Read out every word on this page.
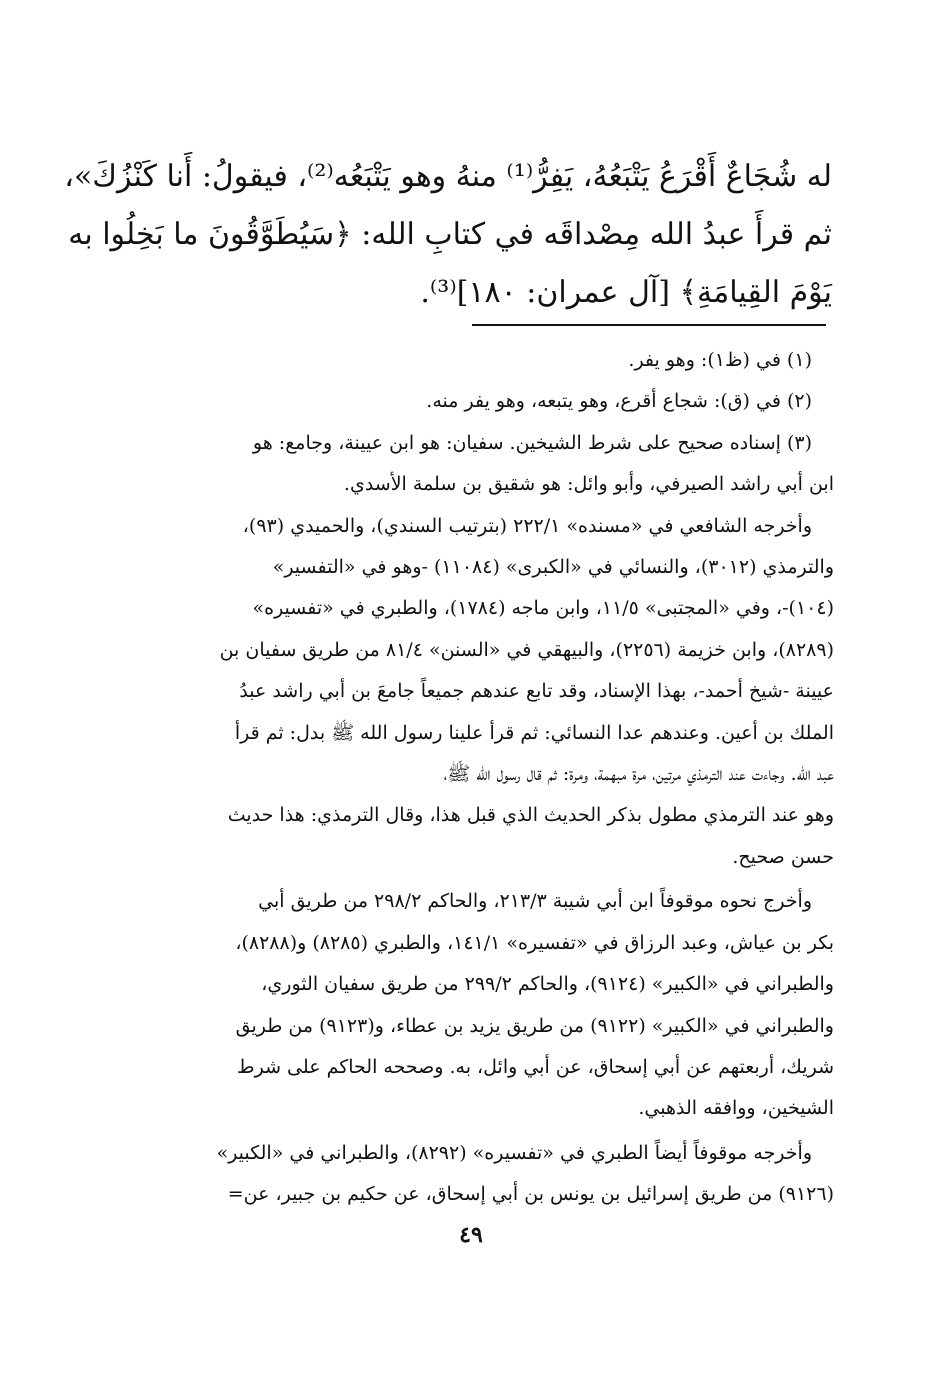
له شُجَاعٌ أَقْرَعُ يَتْبَعُهُ، يَفِرُّ⁽¹⁾ منهُ وهو يَتْبَعُه⁽²⁾، فيقولُ: أَنا كَنْزُكَ»،
ثم قرأَ عبدُ الله مِصْداقَه في كتابِ الله: ﴿سَيُطَوَّقُونَ ما بَخِلُوا به
يَوْمَ القِيامَةِ﴾ [آل عمران: ١٨٠]⁽³⁾.
(١) في (ظ١): وهو يفر.
(٢) في (ق): شجاع أقرع، وهو يتبعه، وهو يفر منه.
(٣) إسناده صحيح على شرط الشيخين. سفيان: هو ابن عيينة، وجامع: هو
ابن أبي راشد الصيرفي، وأبو وائل: هو شقيق بن سلمة الأسدي.
وأخرجه الشافعي في «مسنده» ٢٢٢/١ (بترتيب السندي)، والحميدي (٩٣)،
والترمذي (٣٠١٢)، والنسائي في «الكبرى» (١١٠٨٤) -وهو في «التفسير»
(١٠٤)-، وفي «المجتبى» ١١/٥، وابن ماجه (١٧٨٤)، والطبري في «تفسيره»
(٨٢٨٩)، وابن خزيمة (٢٢٥٦)، والبيهقي في «السنن» ٨١/٤ من طريق سفيان بن
عيينة -شيخ أحمد-، بهذا الإسناد، وقد تابع عندهم جميعاً جامعَ بن أبي راشد عبدُ
الملك بن أعين. وعندهم عدا النسائي: ثم قرأ علينا رسول الله ﷺ بدل: ثم قرأ
عبد الله. وجاءت عند الترمذي مرتين، مرة مبهمة، ومرة: ثم قال رسول الله ﷺ،
وهو عند الترمذي مطول بذكر الحديث الذي قبل هذا، وقال الترمذي: هذا حديث
حسن صحيح.
وأخرج نحوه موقوفاً ابن أبي شيبة ٢١٣/٣، والحاكم ٢٩٨/٢ من طريق أبي
بكر بن عياش، وعبد الرزاق في «تفسيره» ١٤١/١، والطبري (٨٢٨٥) و(٨٢٨٨)،
والطبراني في «الكبير» (٩١٢٤)، والحاكم ٢٩٩/٢ من طريق سفيان الثوري،
والطبراني في «الكبير» (٩١٢٢) من طريق يزيد بن عطاء، و(٩١٢٣) من طريق
شريك، أربعتهم عن أبي إسحاق، عن أبي وائل، به. وصححه الحاكم على شرط
الشيخين، ووافقه الذهبي.
وأخرجه موقوفاً أيضاً الطبري في «تفسيره» (٨٢٩٢)، والطبراني في «الكبير»
(٩١٢٦) من طريق إسرائيل بن يونس بن أبي إسحاق، عن حكيم بن جبير، عن=
٤٩
